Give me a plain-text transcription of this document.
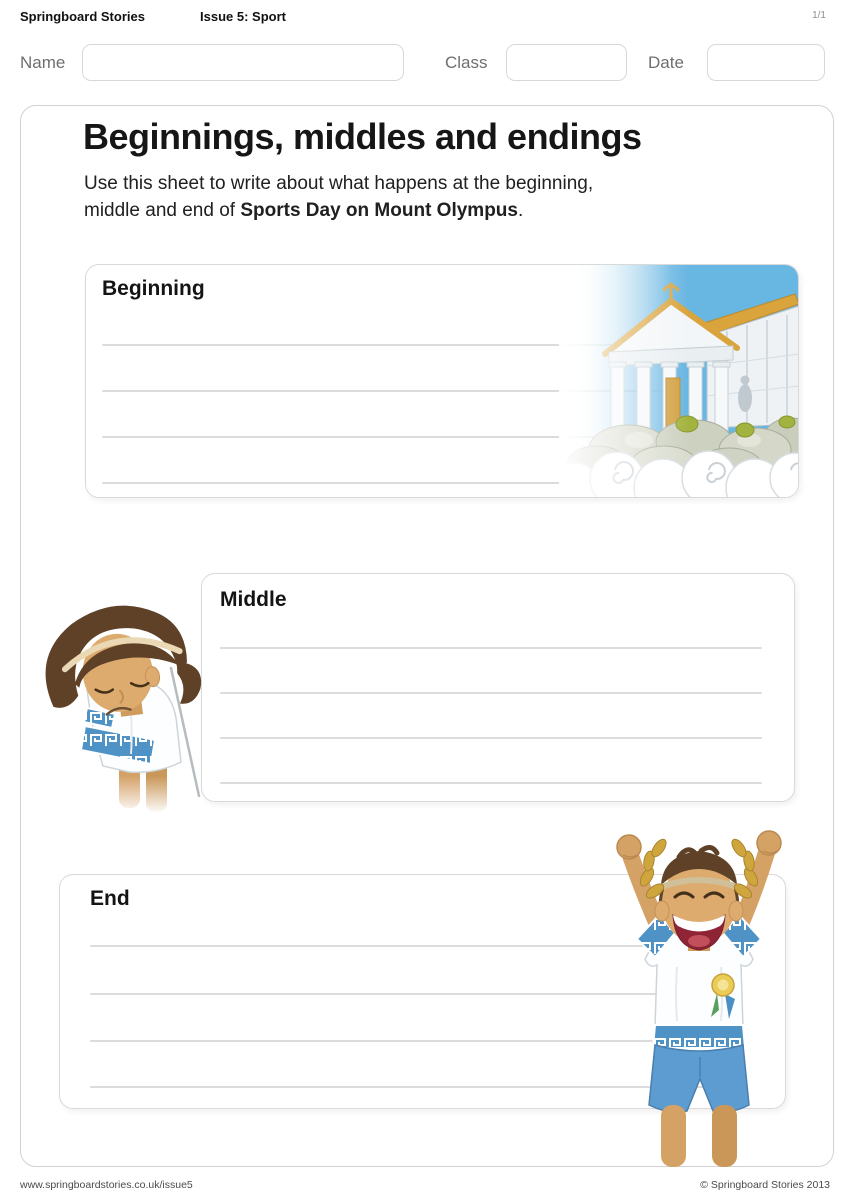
Springboard Stories	Issue 5: Sport	1/1
Name	Class	Date
Beginnings, middles and endings

Use this sheet to write about what happens at the beginning,
middle and end of Sports Day on Mount Olympus.

Beginning
Middle
End
www.springboardstories.co.uk/issue5	© Springboard Stories 2013
